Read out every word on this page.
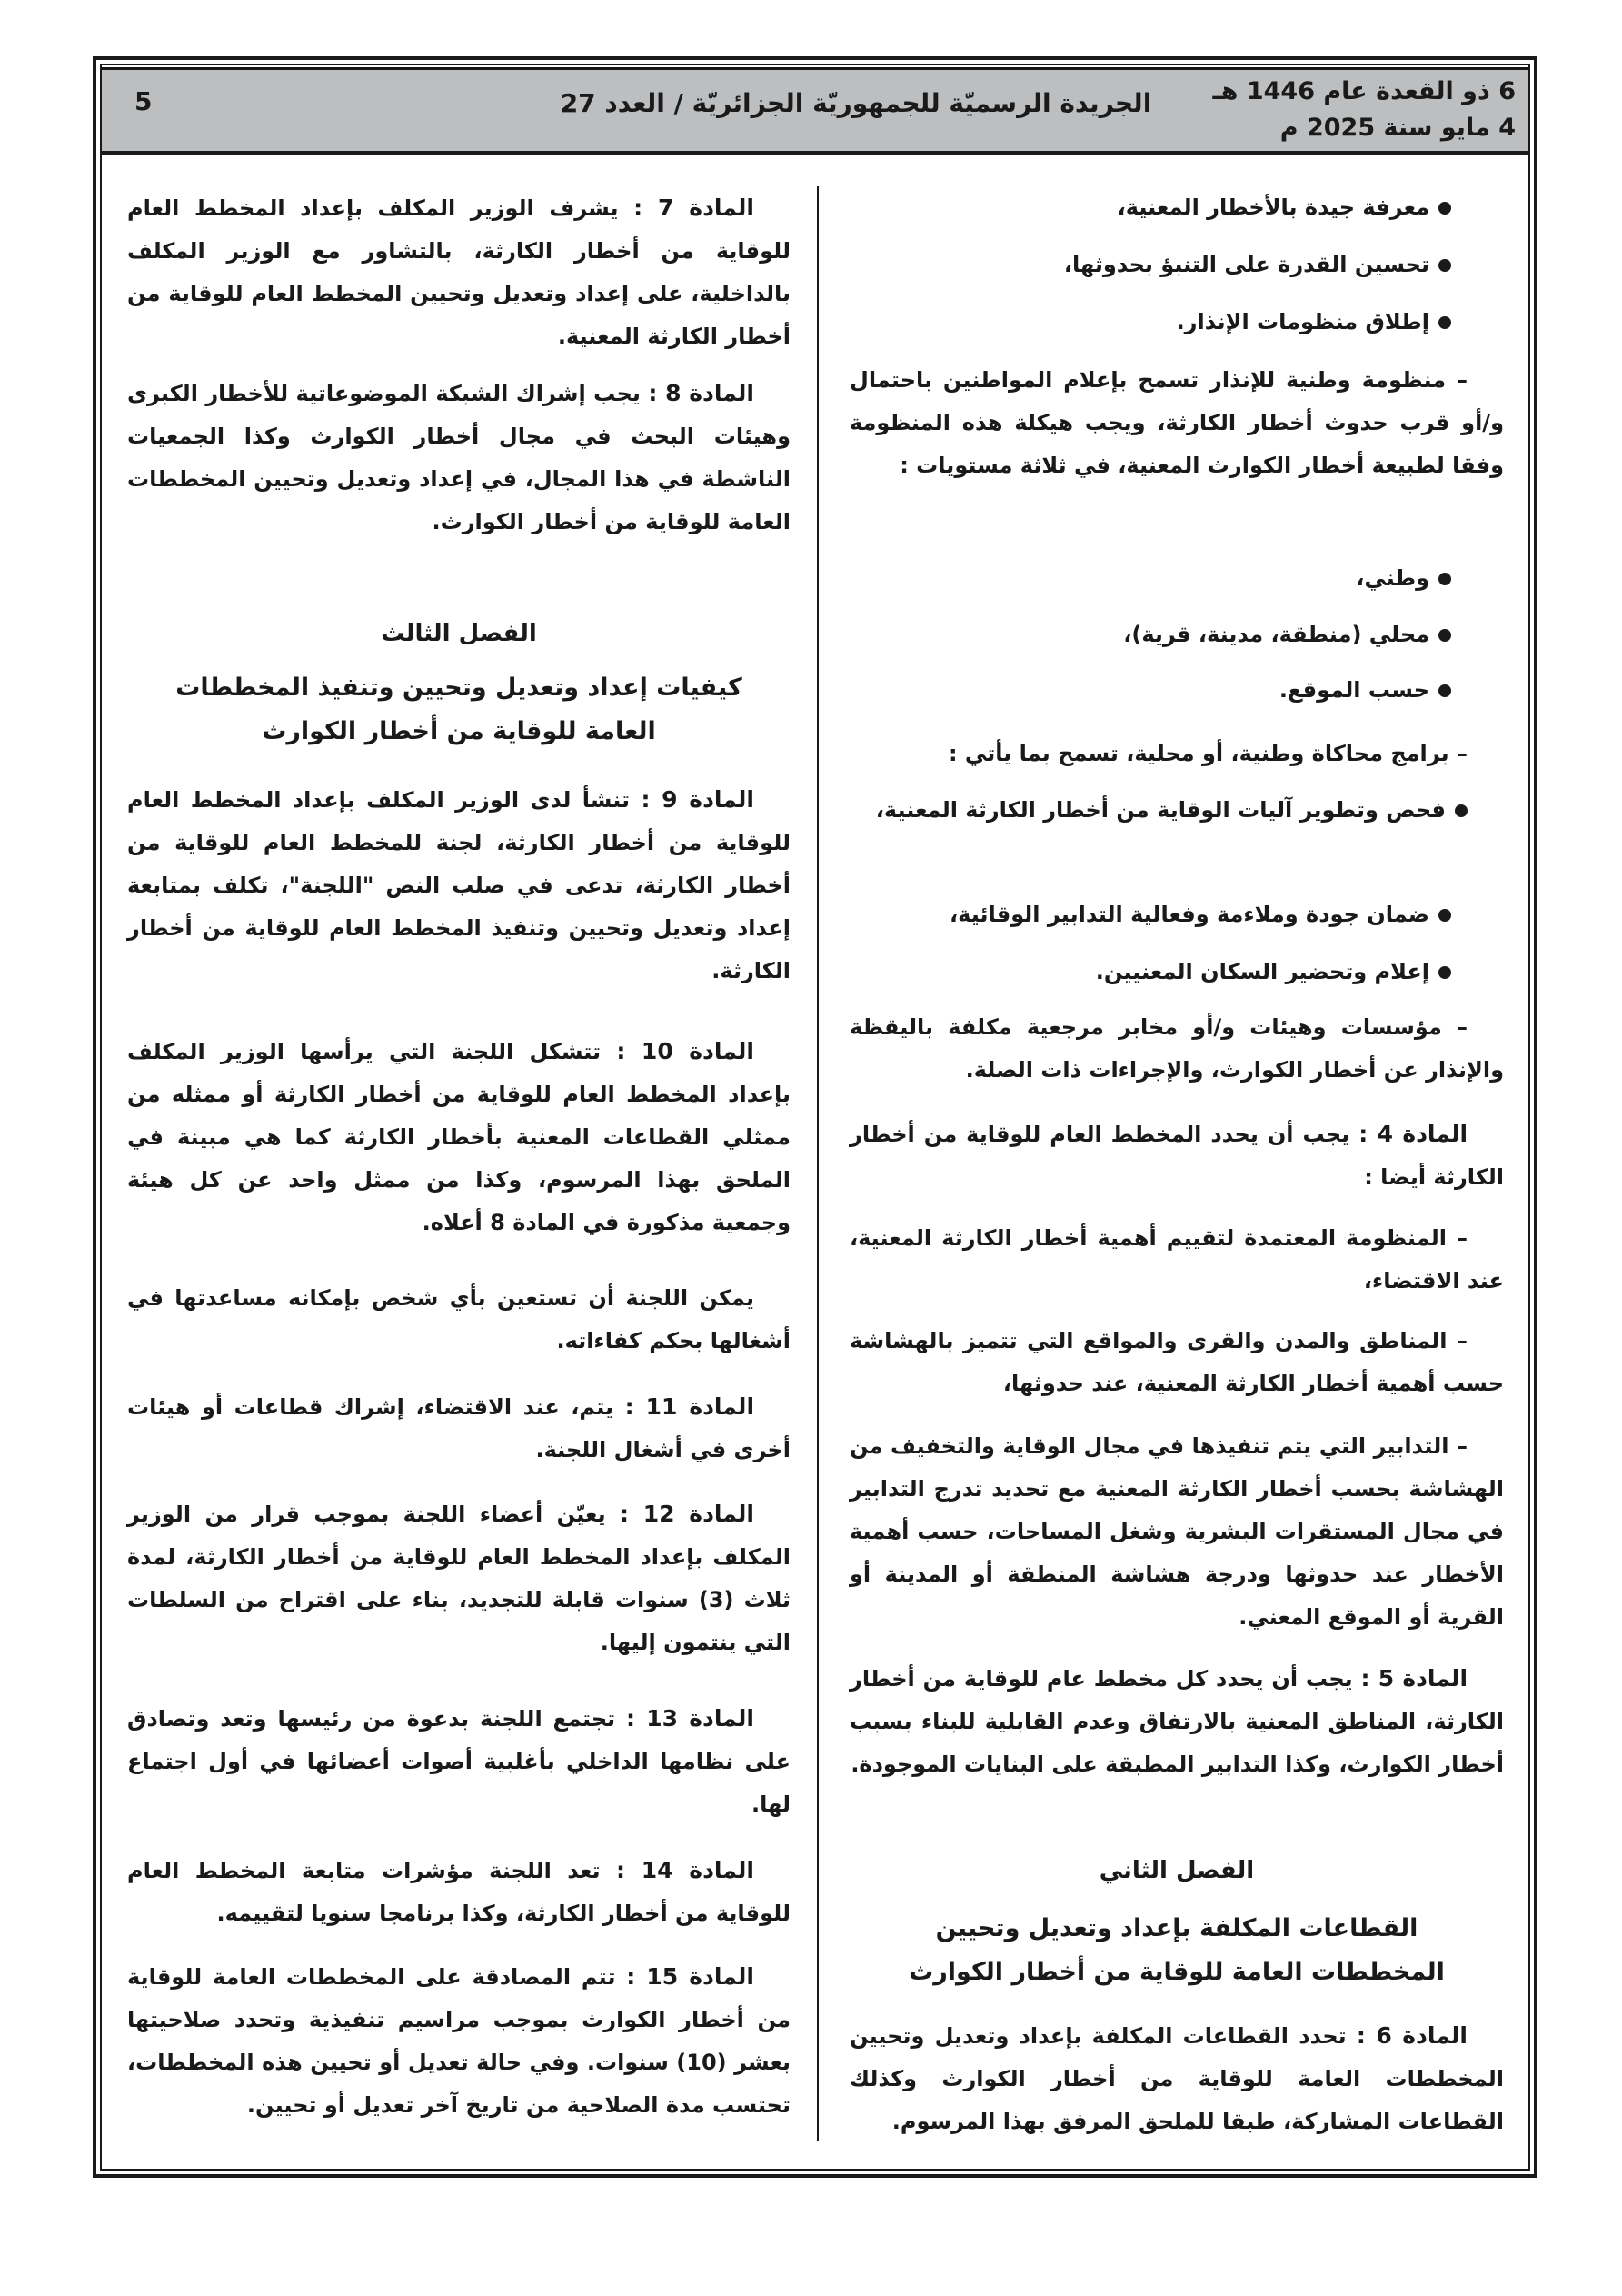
6 ذو القعدة عام 1446 هـ
4 مايو سنة 2025 م
الجريدة الرسميّة للجمهوريّة الجزائريّة / العدد 27
5
معرفة جيدة بالأخطار المعنية،
تحسين القدرة على التنبؤ بحدوثها،
إطلاق منظومات الإنذار.
– منظومة وطنية للإنذار تسمح بإعلام المواطنين باحتمال و/أو قرب حدوث أخطار الكارثة، ويجب هيكلة هذه المنظومة وفقا لطبيعة أخطار الكوارث المعنية، في ثلاثة مستويات :
وطني،
محلي (منطقة، مدينة، قرية)،
حسب الموقع.
– برامج محاكاة وطنية، أو محلية، تسمح بما يأتي :
فحص وتطوير آليات الوقاية من أخطار الكارثة المعنية،
ضمان جودة وملاءمة وفعالية التدابير الوقائية،
إعلام وتحضير السكان المعنيين.
– مؤسسات وهيئات و/أو مخابر مرجعية مكلفة باليقظة والإنذار عن أخطار الكوارث، والإجراءات ذات الصلة.
المادة 4 : يجب أن يحدد المخطط العام للوقاية من أخطار الكارثة أيضا :
– المنظومة المعتمدة لتقييم أهمية أخطار الكارثة المعنية، عند الاقتضاء،
– المناطق والمدن والقرى والمواقع التي تتميز بالهشاشة حسب أهمية أخطار الكارثة المعنية، عند حدوثها،
– التدابير التي يتم تنفيذها في مجال الوقاية والتخفيف من الهشاشة بحسب أخطار الكارثة المعنية مع تحديد تدرج التدابير في مجال المستقرات البشرية وشغل المساحات، حسب أهمية الأخطار عند حدوثها ودرجة هشاشة المنطقة أو المدينة أو القرية أو الموقع المعني.
المادة 5 : يجب أن يحدد كل مخطط عام للوقاية من أخطار الكارثة، المناطق المعنية بالارتفاق وعدم القابلية للبناء بسبب أخطار الكوارث، وكذا التدابير المطبقة على البنايات الموجودة.
الفصل الثاني
القطاعات المكلفة بإعداد وتعديل وتحيين المخططات العامة للوقاية من أخطار الكوارث
المادة 6 : تحدد القطاعات المكلفة بإعداد وتعديل وتحيين المخططات العامة للوقاية من أخطار الكوارث وكذلك القطاعات المشاركة، طبقا للملحق المرفق بهذا المرسوم.
المادة 7 : يشرف الوزير المكلف بإعداد المخطط العام للوقاية من أخطار الكارثة، بالتشاور مع الوزير المكلف بالداخلية، على إعداد وتعديل وتحيين المخطط العام للوقاية من أخطار الكارثة المعنية.
المادة 8 : يجب إشراك الشبكة الموضوعاتية للأخطار الكبرى وهيئات البحث في مجال أخطار الكوارث وكذا الجمعيات الناشطة في هذا المجال، في إعداد وتعديل وتحيين المخططات العامة للوقاية من أخطار الكوارث.
الفصل الثالث
كيفيات إعداد وتعديل وتحيين وتنفيذ المخططات العامة للوقاية من أخطار الكوارث
المادة 9 : تنشأ لدى الوزير المكلف بإعداد المخطط العام للوقاية من أخطار الكارثة، لجنة للمخطط العام للوقاية من أخطار الكارثة، تدعى في صلب النص "اللجنة"، تكلف بمتابعة إعداد وتعديل وتحيين وتنفيذ المخطط العام للوقاية من أخطار الكارثة.
المادة 10 : تتشكل اللجنة التي يرأسها الوزير المكلف بإعداد المخطط العام للوقاية من أخطار الكارثة أو ممثله من ممثلي القطاعات المعنية بأخطار الكارثة كما هي مبينة في الملحق بهذا المرسوم، وكذا من ممثل واحد عن كل هيئة وجمعية مذكورة في المادة 8 أعلاه.
يمكن اللجنة أن تستعين بأي شخص بإمكانه مساعدتها في أشغالها بحكم كفاءاته.
المادة 11 : يتم، عند الاقتضاء، إشراك قطاعات أو هيئات أخرى في أشغال اللجنة.
المادة 12 : يعيّن أعضاء اللجنة بموجب قرار من الوزير المكلف بإعداد المخطط العام للوقاية من أخطار الكارثة، لمدة ثلاث (3) سنوات قابلة للتجديد، بناء على اقتراح من السلطات التي ينتمون إليها.
المادة 13 : تجتمع اللجنة بدعوة من رئيسها وتعد وتصادق على نظامها الداخلي بأغلبية أصوات أعضائها في أول اجتماع لها.
المادة 14 : تعد اللجنة مؤشرات متابعة المخطط العام للوقاية من أخطار الكارثة، وكذا برنامجا سنويا لتقييمه.
المادة 15 : تتم المصادقة على المخططات العامة للوقاية من أخطار الكوارث بموجب مراسيم تنفيذية وتحدد صلاحيتها بعشر (10) سنوات. وفي حالة تعديل أو تحيين هذه المخططات، تحتسب مدة الصلاحية من تاريخ آخر تعديل أو تحيين.
